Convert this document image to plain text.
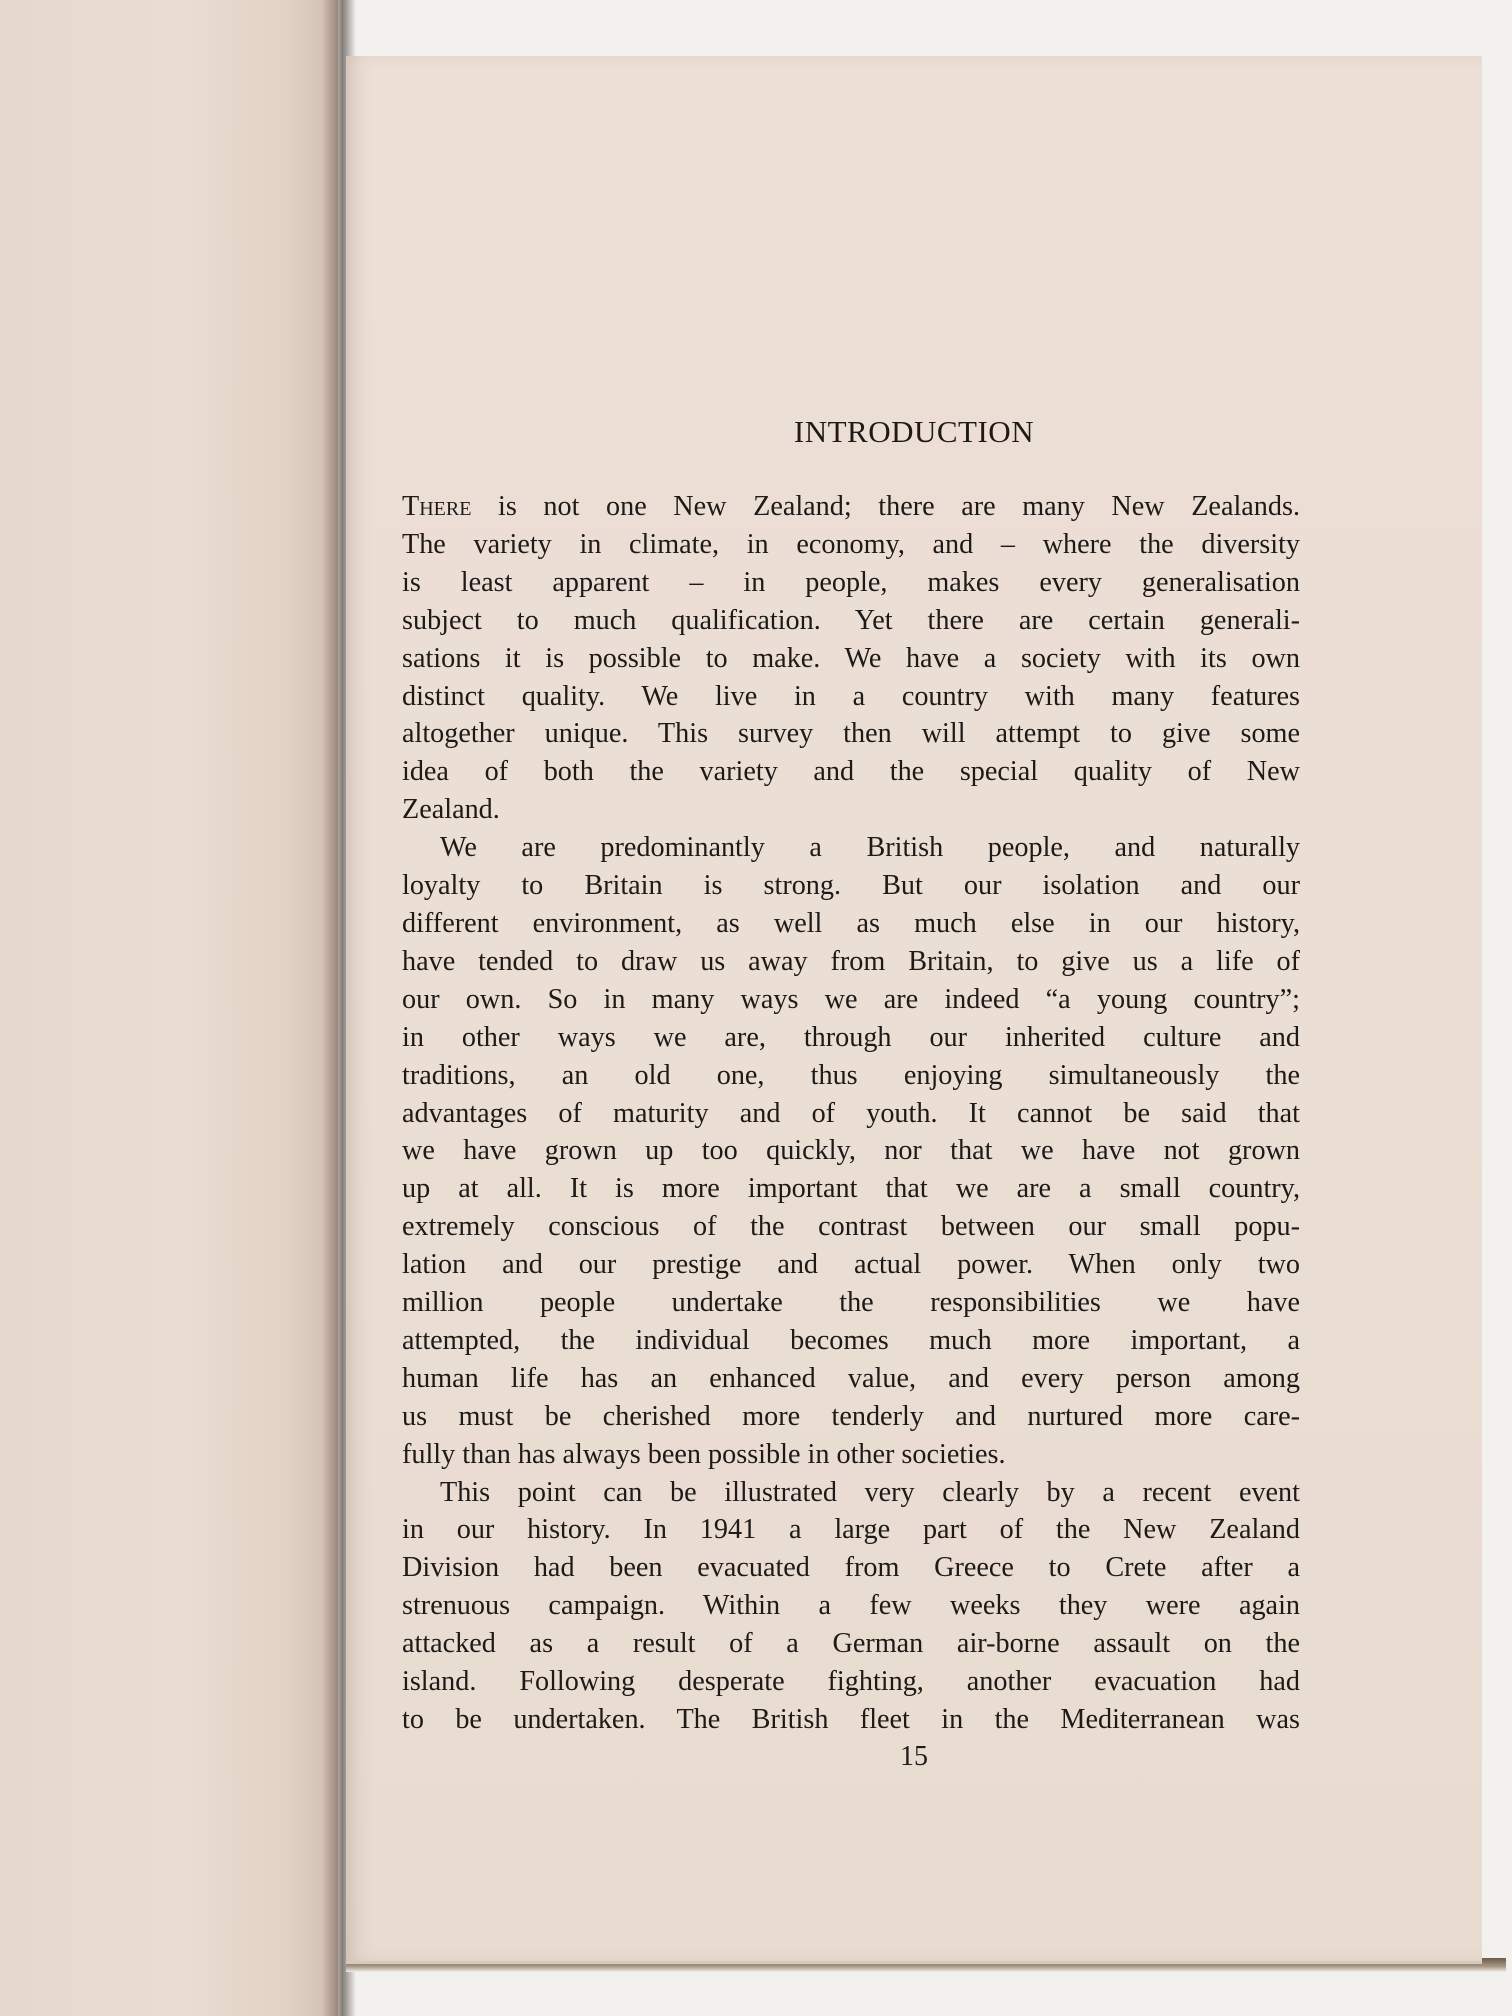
INTRODUCTION

There is not one New Zealand; there are many New Zealands.
The variety in climate, in economy, and – where the diversity
is least apparent – in people, makes every generalisation
subject to much qualification. Yet there are certain generali-
sations it is possible to make. We have a society with its own
distinct quality. We live in a country with many features
altogether unique. This survey then will attempt to give some
idea of both the variety and the special quality of New
Zealand.

We are predominantly a British people, and naturally
loyalty to Britain is strong. But our isolation and our
different environment, as well as much else in our history,
have tended to draw us away from Britain, to give us a life of
our own. So in many ways we are indeed “a young country”;
in other ways we are, through our inherited culture and
traditions, an old one, thus enjoying simultaneously the
advantages of maturity and of youth. It cannot be said that
we have grown up too quickly, nor that we have not grown
up at all. It is more important that we are a small country,
extremely conscious of the contrast between our small popu-
lation and our prestige and actual power. When only two
million people undertake the responsibilities we have
attempted, the individual becomes much more important, a
human life has an enhanced value, and every person among
us must be cherished more tenderly and nurtured more care-
fully than has always been possible in other societies.

This point can be illustrated very clearly by a recent event
in our history. In 1941 a large part of the New Zealand
Division had been evacuated from Greece to Crete after a
strenuous campaign. Within a few weeks they were again
attacked as a result of a German air-borne assault on the
island. Following desperate fighting, another evacuation had
to be undertaken. The British fleet in the Mediterranean was

15
